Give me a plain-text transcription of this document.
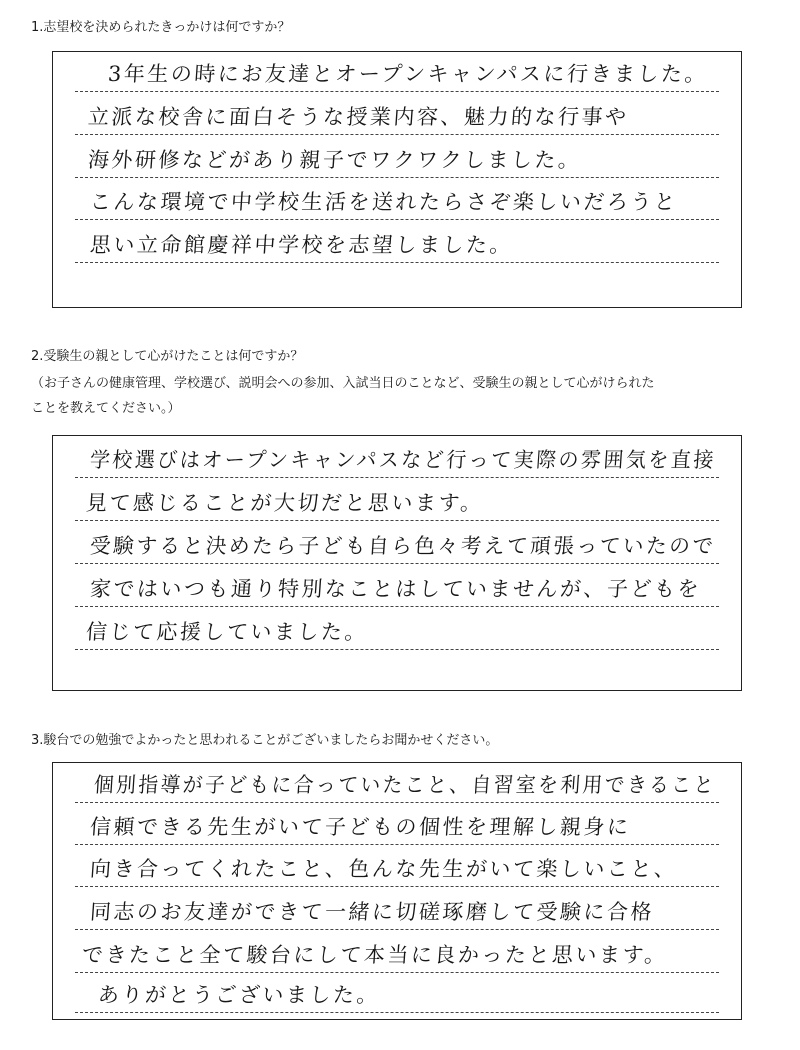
1.志望校を決められたきっかけは何ですか？
3年生の時にお友達とオープンキャンパスに行きました。
立派な校舎に面白そうな授業内容、魅力的な行事や
海外研修などがあり親子でワクワクしました。
こんな環境で中学校生活を送れたらさぞ楽しいだろうと
思い立命館慶祥中学校を志望しました。
2.受験生の親として心がけたことは何ですか？
（お子さんの健康管理、学校選び、説明会への参加、入試当日のことなど、受験生の親として心がけられた
ことを教えてください。）
学校選びはオープンキャンパスなど行って実際の雰囲気を直接
見て感じることが大切だと思います。
受験すると決めたら子ども自ら色々考えて頑張っていたので
家ではいつも通り特別なことはしていませんが、子どもを
信じて応援していました。
3.駿台での勉強でよかったと思われることがございましたらお聞かせください。
個別指導が子どもに合っていたこと、自習室を利用できること
信頼できる先生がいて子どもの個性を理解し親身に
向き合ってくれたこと、色んな先生がいて楽しいこと、
同志のお友達ができて一緒に切磋琢磨して受験に合格
できたこと全て駿台にして本当に良かったと思います。
ありがとうございました。
